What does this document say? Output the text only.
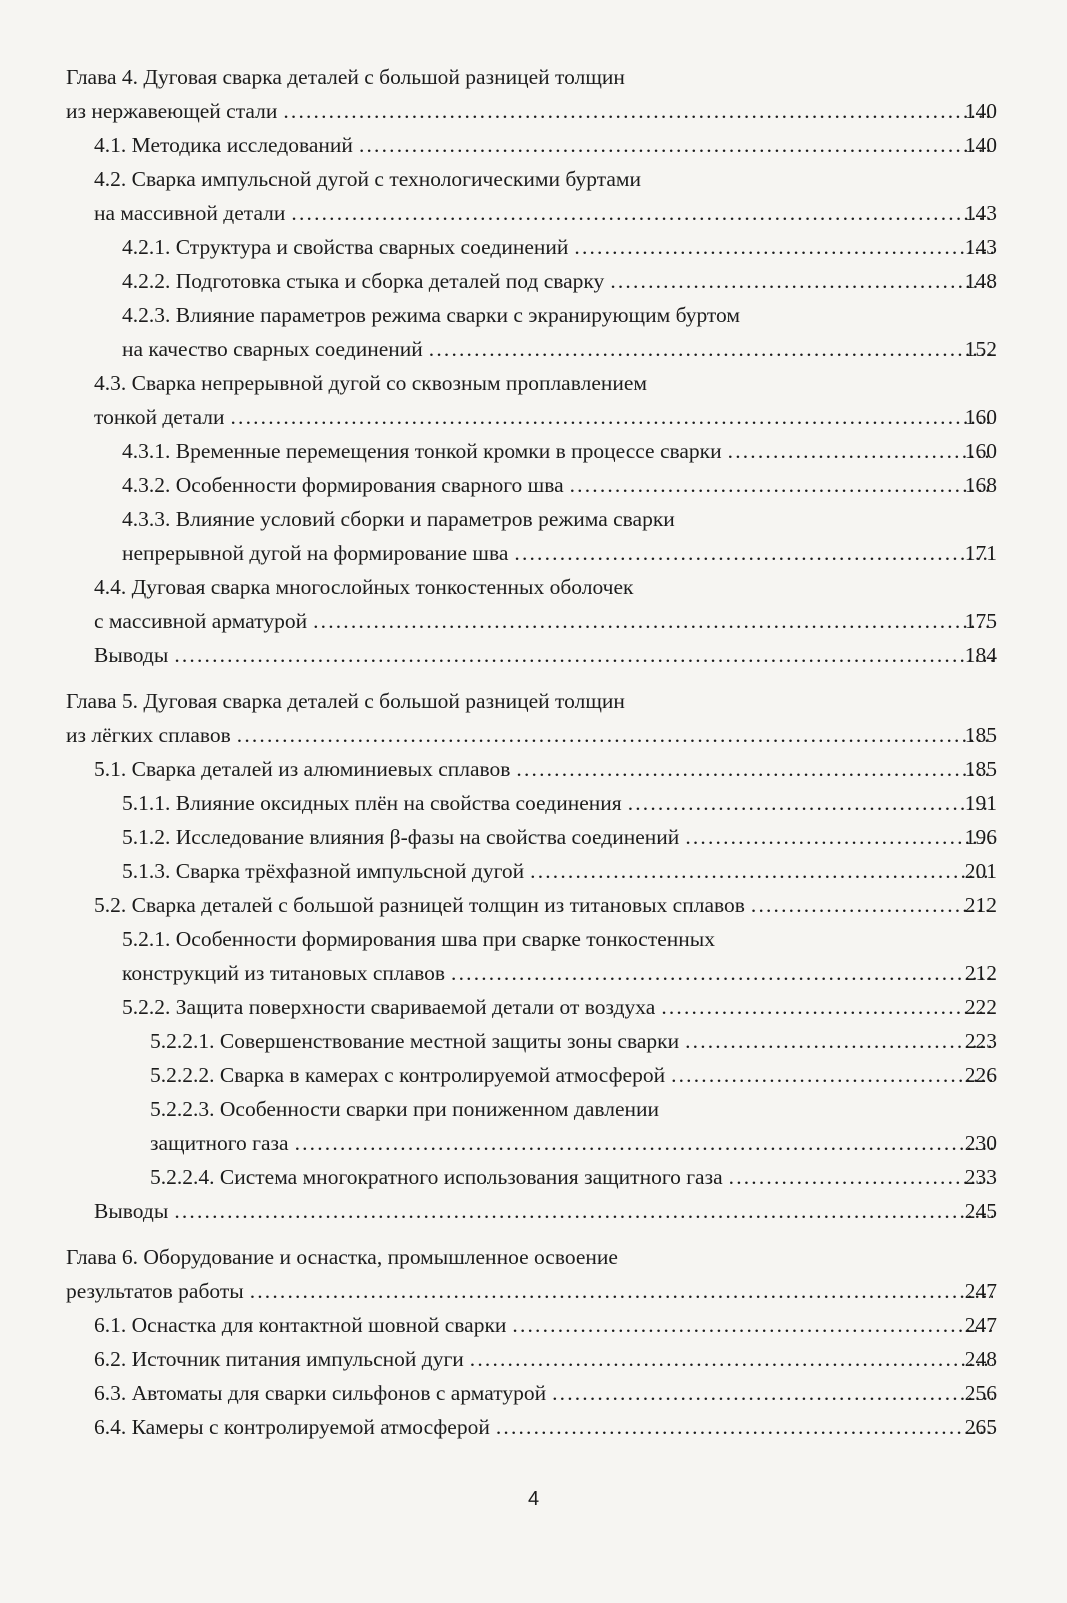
Глава 4. Дуговая сварка деталей с большой разницей толщин
из нержавеющей стали . . .	140
4.1. Методика исследований . . .	140
4.2. Сварка импульсной дугой с технологическими буртами
на массивной детали . . .	143
4.2.1. Структура и свойства сварных соединений . . .	143
4.2.2. Подготовка стыка и сборка деталей под сварку . . .	148
4.2.3. Влияние параметров режима сварки с экранирующим буртом
на качество сварных соединений . . .	152
4.3. Сварка непрерывной дугой со сквозным проплавлением
тонкой детали . . .	160
4.3.1. Временные перемещения тонкой кромки в процессе сварки . . .	160
4.3.2. Особенности формирования сварного шва . . .	168
4.3.3. Влияние условий сборки и параметров режима сварки
непрерывной дугой на формирование шва . . .	171
4.4. Дуговая сварка многослойных тонкостенных оболочек
с массивной арматурой . . .	175
Выводы . . .	184
Глава 5. Дуговая сварка деталей с большой разницей толщин
из лёгких сплавов . . .	185
5.1. Сварка деталей из алюминиевых сплавов . . .	185
5.1.1. Влияние оксидных плён на свойства соединения . . .	191
5.1.2. Исследование влияния β-фазы на свойства соединений . . .	196
5.1.3. Сварка трёхфазной импульсной дугой . . .	201
5.2. Сварка деталей с большой разницей толщин из титановых сплавов . . .	212
5.2.1. Особенности формирования шва при сварке тонкостенных
конструкций из титановых сплавов . . .	212
5.2.2. Защита поверхности свариваемой детали от воздуха . . .	222
5.2.2.1. Совершенствование местной защиты зоны сварки . . .	223
5.2.2.2. Сварка в камерах с контролируемой атмосферой . . .	226
5.2.2.3. Особенности сварки при пониженном давлении
защитного газа . . .	230
5.2.2.4. Система многократного использования защитного газа . . .	233
Выводы . . .	245
Глава 6. Оборудование и оснастка, промышленное освоение
результатов работы . . .	247
6.1. Оснастка для контактной шовной сварки . . .	247
6.2. Источник питания импульсной дуги . . .	248
6.3. Автоматы для сварки сильфонов с арматурой . . .	256
6.4. Камеры с контролируемой атмосферой . . .	265
4
